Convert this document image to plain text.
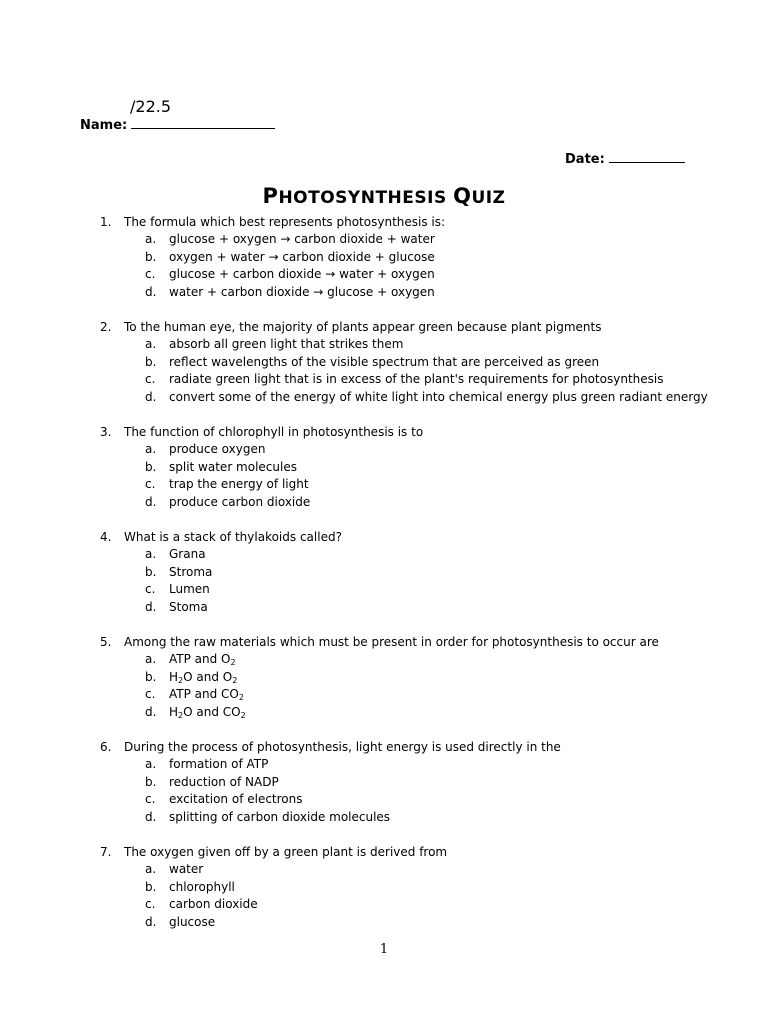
/22.5
Name:
Date:
PHOTOSYNTHESIS QUIZ
1.	The formula which best represents photosynthesis is:
a.	glucose + oxygen → carbon dioxide + water
b.	oxygen + water → carbon dioxide + glucose
c.	glucose + carbon dioxide → water + oxygen
d.	water + carbon dioxide → glucose + oxygen
2.	To the human eye, the majority of plants appear green because plant pigments
a.	absorb all green light that strikes them
b.	reflect wavelengths of the visible spectrum that are perceived as green
c.	radiate green light that is in excess of the plant's requirements for photosynthesis
d.	convert some of the energy of white light into chemical energy plus green radiant energy
3.	The function of chlorophyll in photosynthesis is to
a.	produce oxygen
b.	split water molecules
c.	trap the energy of light
d.	produce carbon dioxide
4.	What is a stack of thylakoids called?
a.	Grana
b.	Stroma
c.	Lumen
d.	Stoma
5.	Among the raw materials which must be present in order for photosynthesis to occur are
a.	ATP and $O_2$
b.	$H_2O$ and $O_2$
c.	ATP and $CO_2$
d.	$H_2O$ and $CO_2$
6.	During the process of photosynthesis, light energy is used directly in the
a.	formation of ATP
b.	reduction of NADP
c.	excitation of electrons
d.	splitting of carbon dioxide molecules
7.	The oxygen given off by a green plant is derived from
a.	water
b.	chlorophyll
c.	carbon dioxide
d.	glucose
1
